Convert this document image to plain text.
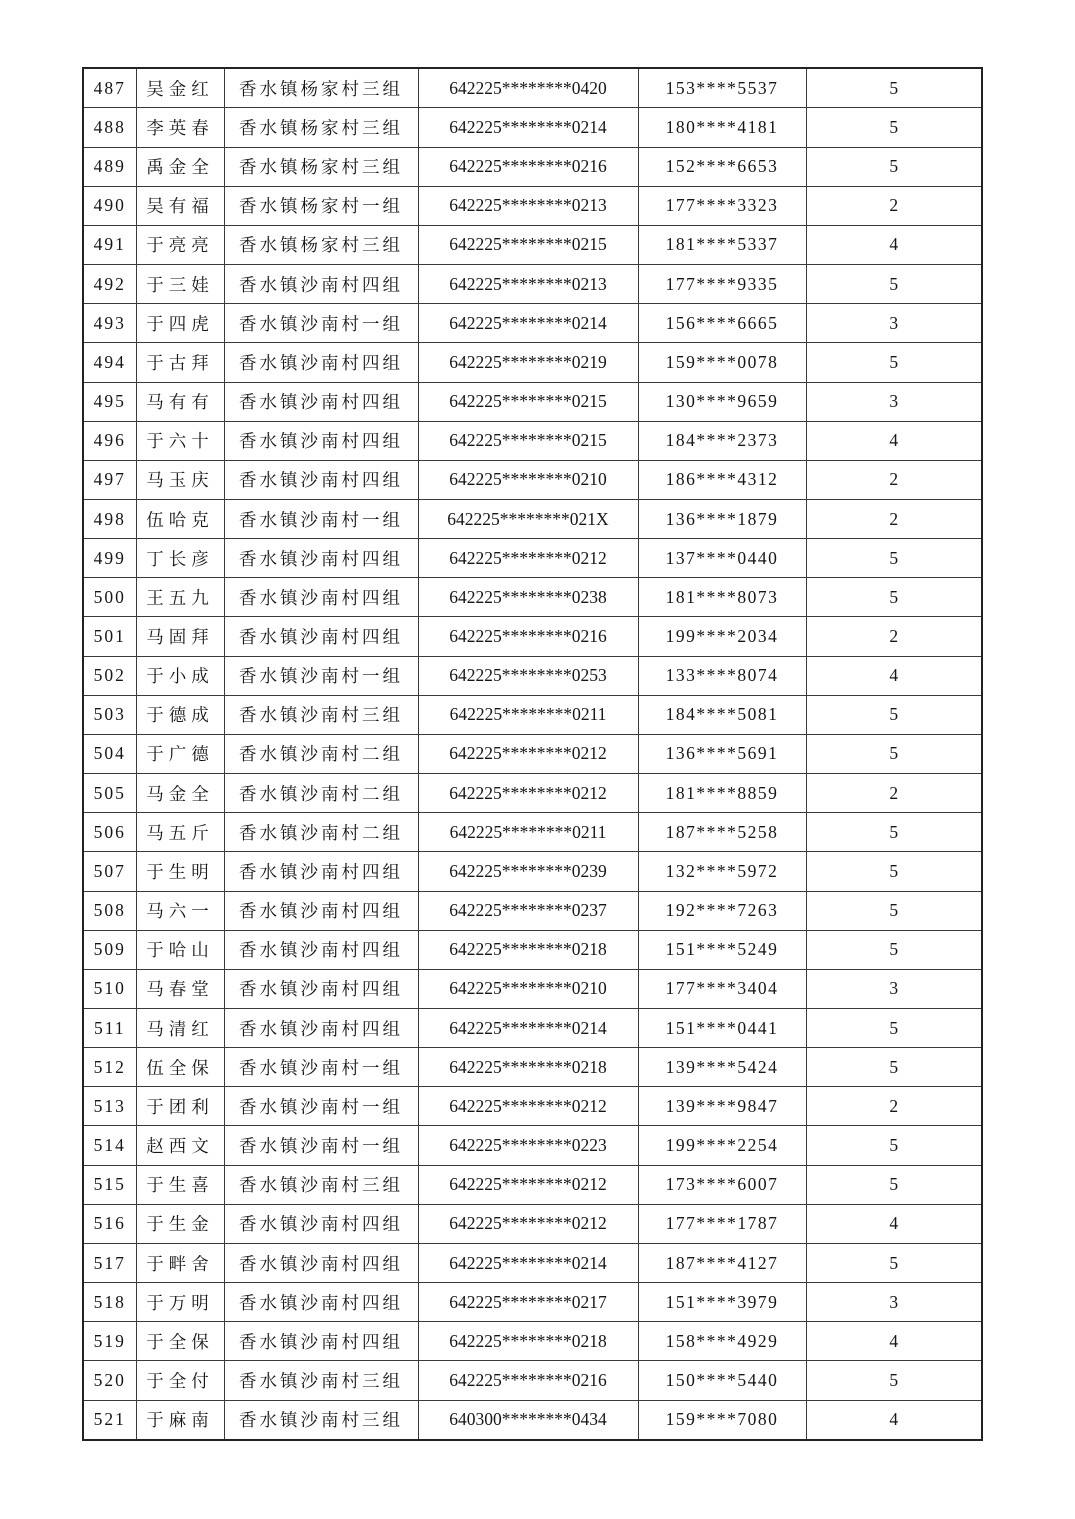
487	吴金红	香水镇杨家村三组	642225********0420	153****5537	5
488	李英春	香水镇杨家村三组	642225********0214	180****4181	5
489	禹金全	香水镇杨家村三组	642225********0216	152****6653	5
490	吴有福	香水镇杨家村一组	642225********0213	177****3323	2
491	于亮亮	香水镇杨家村三组	642225********0215	181****5337	4
492	于三娃	香水镇沙南村四组	642225********0213	177****9335	5
493	于四虎	香水镇沙南村一组	642225********0214	156****6665	3
494	于古拜	香水镇沙南村四组	642225********0219	159****0078	5
495	马有有	香水镇沙南村四组	642225********0215	130****9659	3
496	于六十	香水镇沙南村四组	642225********0215	184****2373	4
497	马玉庆	香水镇沙南村四组	642225********0210	186****4312	2
498	伍哈克	香水镇沙南村一组	642225********021X	136****1879	2
499	丁长彦	香水镇沙南村四组	642225********0212	137****0440	5
500	王五九	香水镇沙南村四组	642225********0238	181****8073	5
501	马固拜	香水镇沙南村四组	642225********0216	199****2034	2
502	于小成	香水镇沙南村一组	642225********0253	133****8074	4
503	于德成	香水镇沙南村三组	642225********0211	184****5081	5
504	于广德	香水镇沙南村二组	642225********0212	136****5691	5
505	马金全	香水镇沙南村二组	642225********0212	181****8859	2
506	马五斤	香水镇沙南村二组	642225********0211	187****5258	5
507	于生明	香水镇沙南村四组	642225********0239	132****5972	5
508	马六一	香水镇沙南村四组	642225********0237	192****7263	5
509	于哈山	香水镇沙南村四组	642225********0218	151****5249	5
510	马春堂	香水镇沙南村四组	642225********0210	177****3404	3
511	马清红	香水镇沙南村四组	642225********0214	151****0441	5
512	伍全保	香水镇沙南村一组	642225********0218	139****5424	5
513	于团利	香水镇沙南村一组	642225********0212	139****9847	2
514	赵西文	香水镇沙南村一组	642225********0223	199****2254	5
515	于生喜	香水镇沙南村三组	642225********0212	173****6007	5
516	于生金	香水镇沙南村四组	642225********0212	177****1787	4
517	于畔舍	香水镇沙南村四组	642225********0214	187****4127	5
518	于万明	香水镇沙南村四组	642225********0217	151****3979	3
519	于全保	香水镇沙南村四组	642225********0218	158****4929	4
520	于全付	香水镇沙南村三组	642225********0216	150****5440	5
521	于麻南	香水镇沙南村三组	640300********0434	159****7080	4
